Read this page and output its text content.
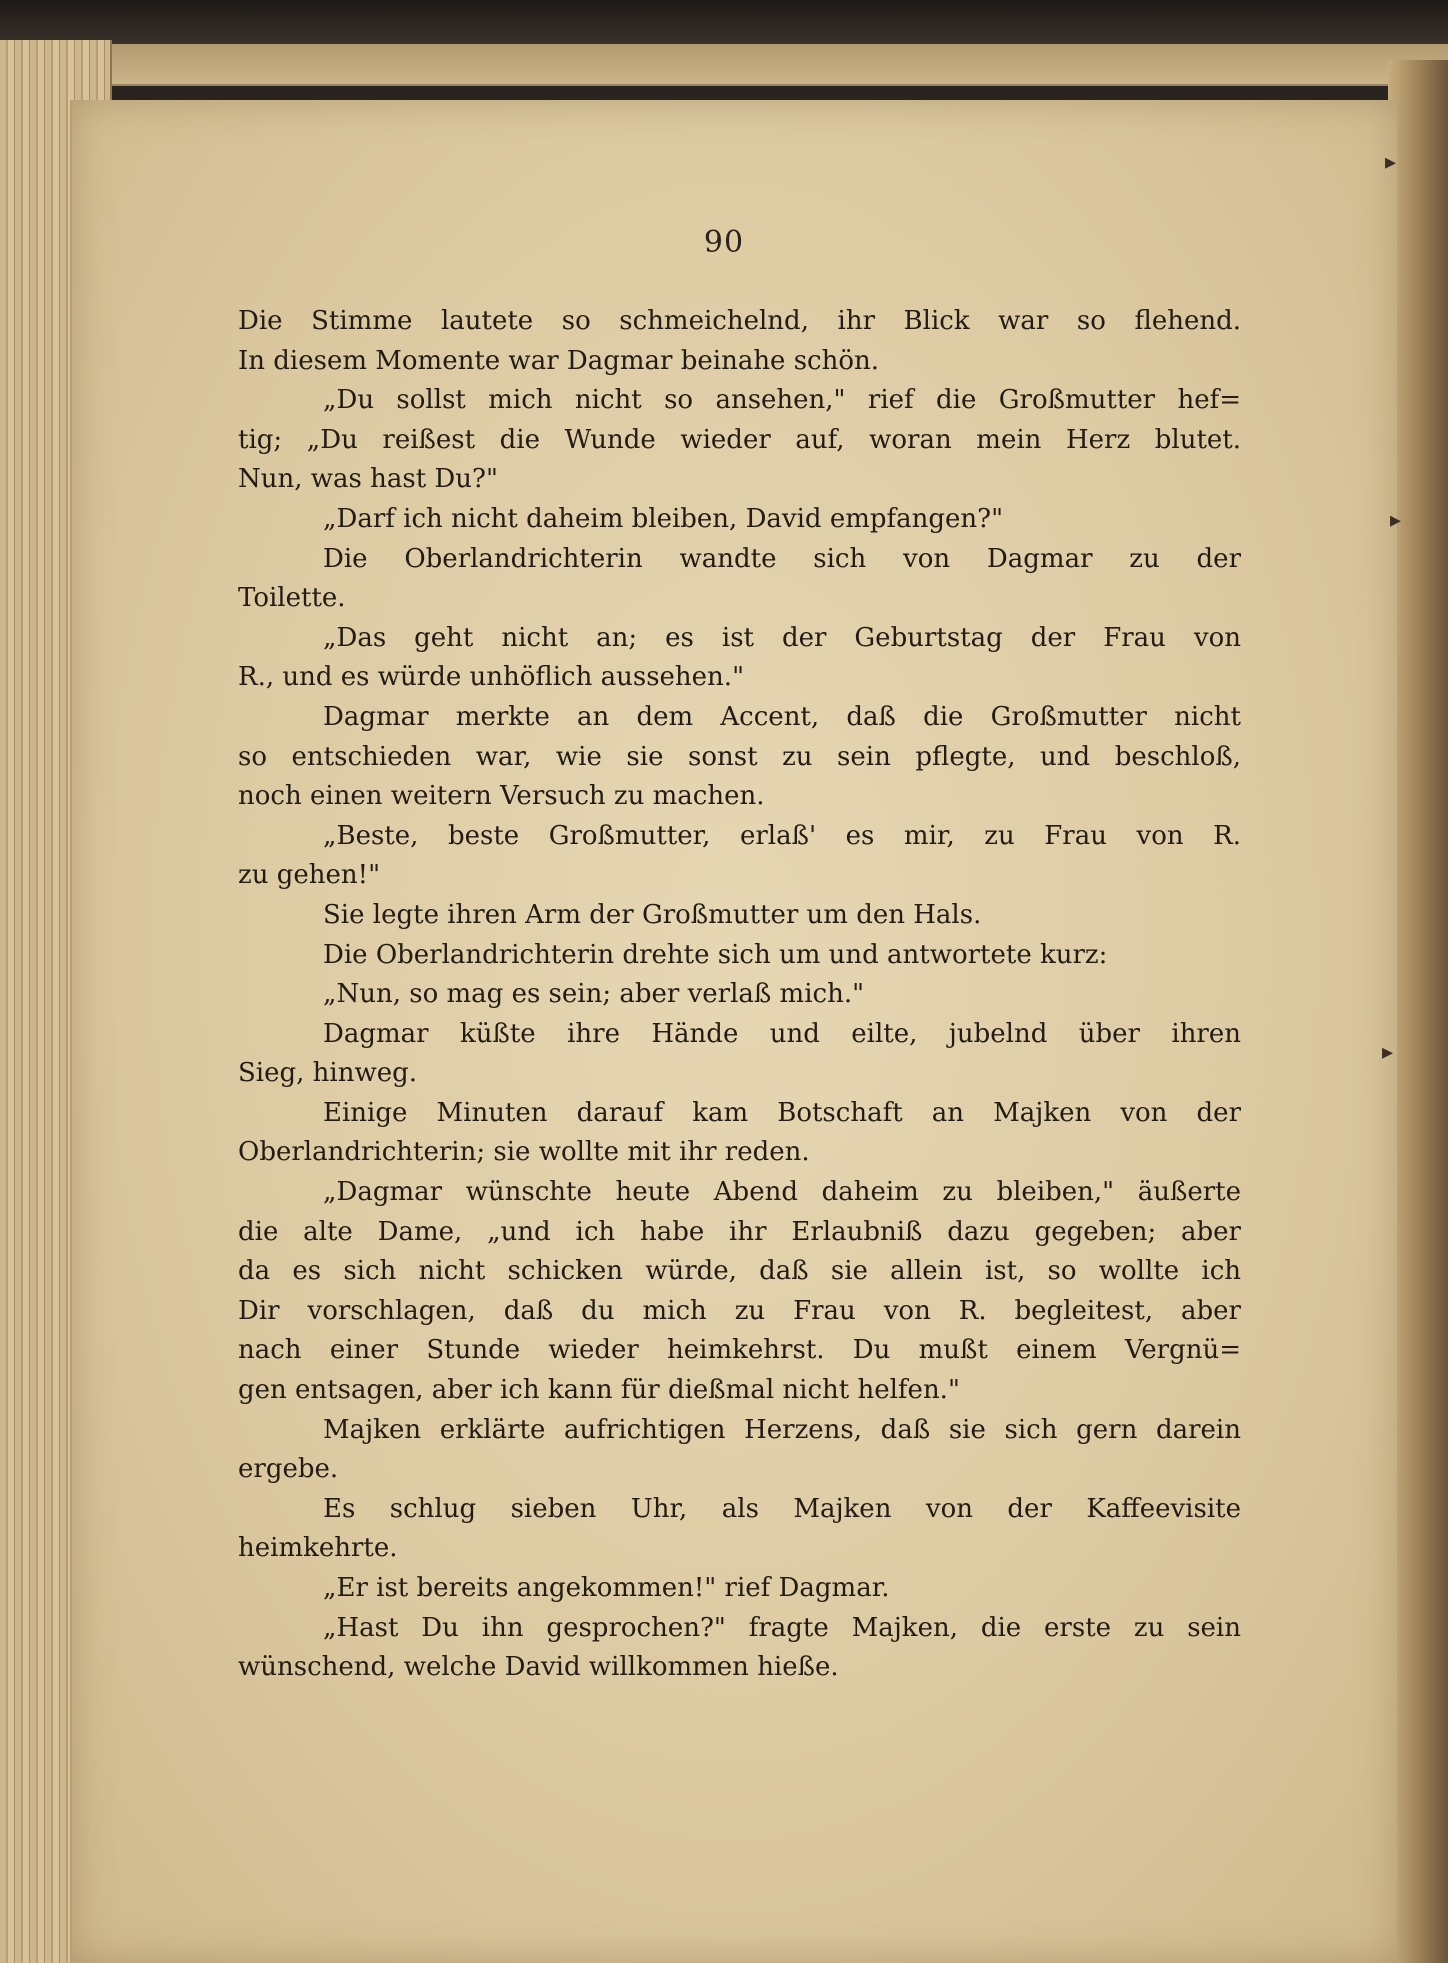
90
Die Stimme lautete so schmeichelnd, ihr Blick war so flehend.
In diesem Momente war Dagmar beinahe schön.
„Du sollst mich nicht so ansehen," rief die Großmutter hef=
tig; „Du reißest die Wunde wieder auf, woran mein Herz blutet.
Nun, was hast Du?"
„Darf ich nicht daheim bleiben, David empfangen?"
Die Oberlandrichterin wandte sich von Dagmar zu der
Toilette.
„Das geht nicht an; es ist der Geburtstag der Frau von
R., und es würde unhöflich aussehen."
Dagmar merkte an dem Accent, daß die Großmutter nicht
so entschieden war, wie sie sonst zu sein pflegte, und beschloß,
noch einen weitern Versuch zu machen.
„Beste, beste Großmutter, erlaß' es mir, zu Frau von R.
zu gehen!"
Sie legte ihren Arm der Großmutter um den Hals.
Die Oberlandrichterin drehte sich um und antwortete kurz:
„Nun, so mag es sein; aber verlaß mich."
Dagmar küßte ihre Hände und eilte, jubelnd über ihren
Sieg, hinweg.
Einige Minuten darauf kam Botschaft an Majken von der
Oberlandrichterin; sie wollte mit ihr reden.
„Dagmar wünschte heute Abend daheim zu bleiben," äußerte
die alte Dame, „und ich habe ihr Erlaubniß dazu gegeben; aber
da es sich nicht schicken würde, daß sie allein ist, so wollte ich
Dir vorschlagen, daß du mich zu Frau von R. begleitest, aber
nach einer Stunde wieder heimkehrst. Du mußt einem Vergnü=
gen entsagen, aber ich kann für dießmal nicht helfen."
Majken erklärte aufrichtigen Herzens, daß sie sich gern darein
ergebe.
Es schlug sieben Uhr, als Majken von der Kaffeevisite
heimkehrte.
„Er ist bereits angekommen!" rief Dagmar.
„Hast Du ihn gesprochen?" fragte Majken, die erste zu sein
wünschend, welche David willkommen hieße.
▸
▸
▸
